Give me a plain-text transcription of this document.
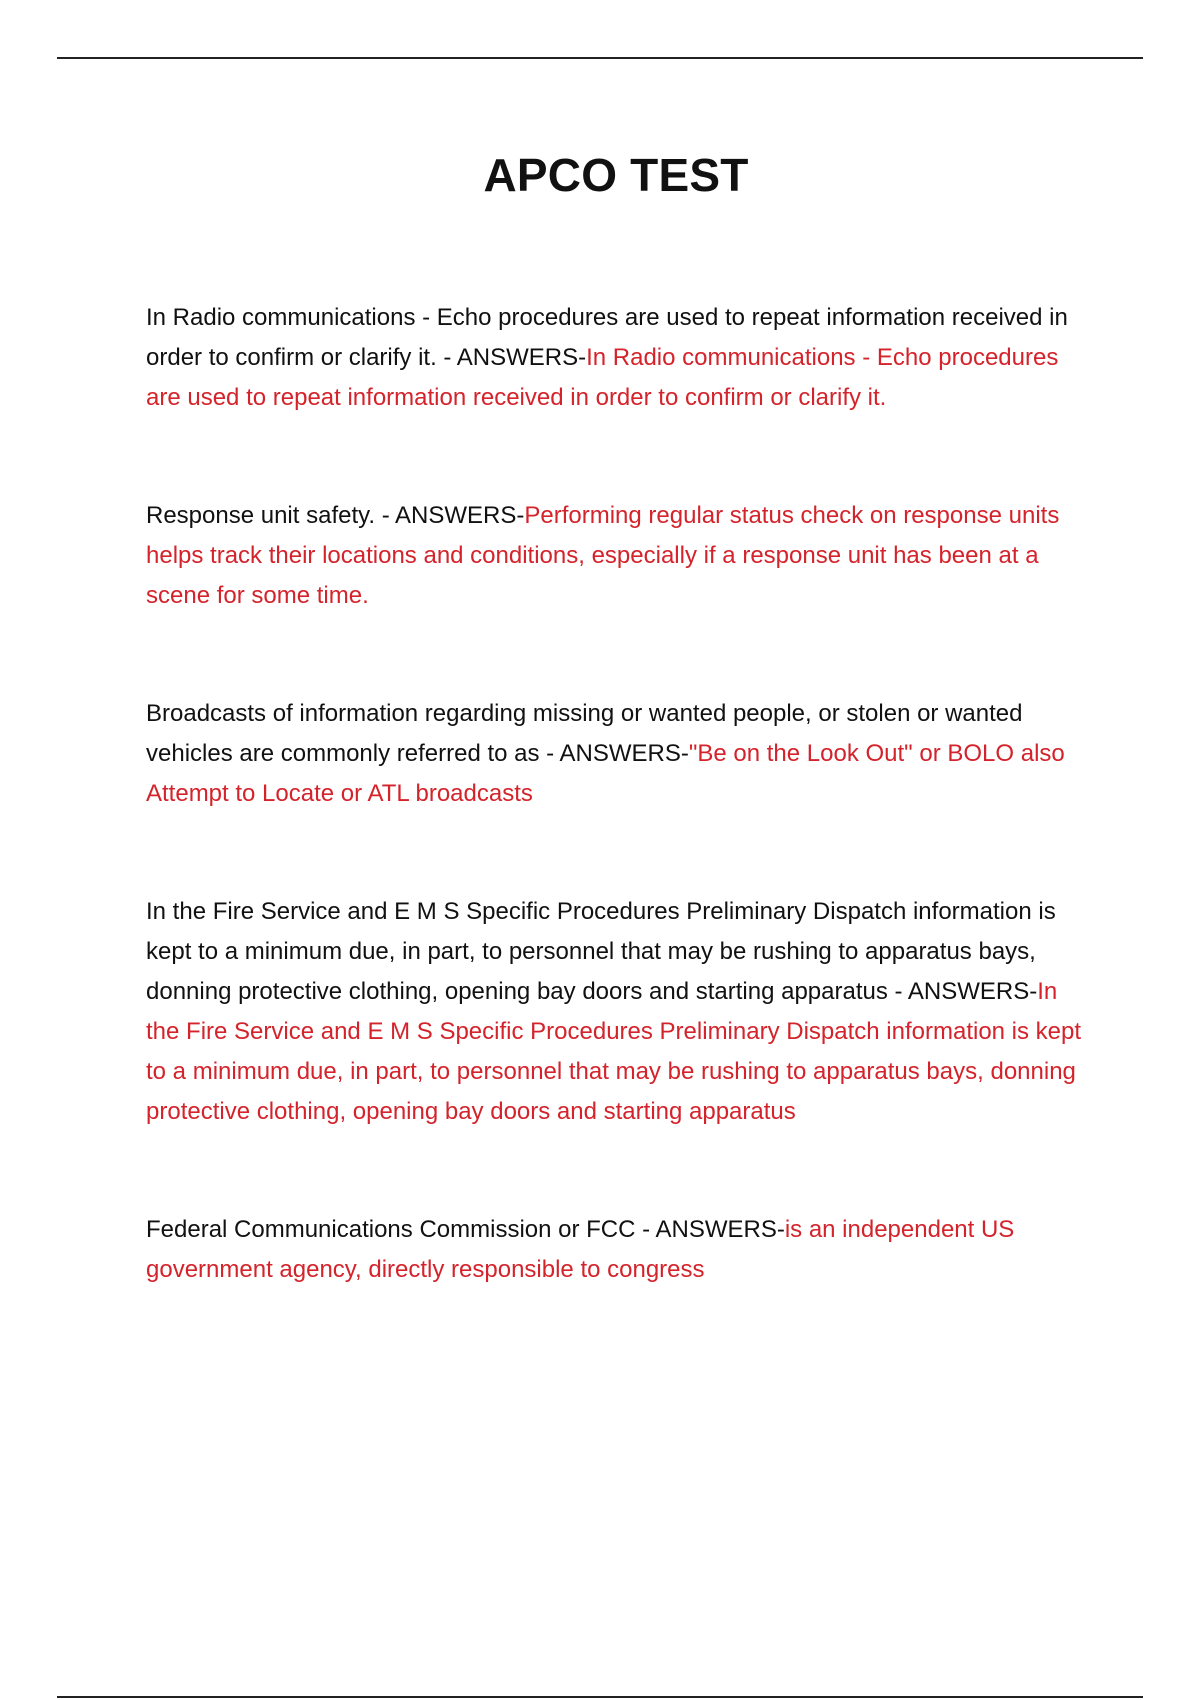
APCO TEST

In Radio communications - Echo procedures are used to repeat information received in order to confirm or clarify it. - ANSWERS-In Radio communications - Echo procedures are used to repeat information received in order to confirm or clarify it.

Response unit safety. - ANSWERS-Performing regular status check on response units helps track their locations and conditions, especially if a response unit has been at a scene for some time.

Broadcasts of information regarding missing or wanted people, or stolen or wanted vehicles are commonly referred to as - ANSWERS-"Be on the Look Out" or BOLO also Attempt to Locate or ATL broadcasts

In the Fire Service and E M S Specific Procedures Preliminary Dispatch information is kept to a minimum due, in part, to personnel that may be rushing to apparatus bays, donning protective clothing, opening bay doors and starting apparatus - ANSWERS-In the Fire Service and E M S Specific Procedures Preliminary Dispatch information is kept to a minimum due, in part, to personnel that may be rushing to apparatus bays, donning protective clothing, opening bay doors and starting apparatus

Federal Communications Commission or FCC - ANSWERS-is an independent US government agency, directly responsible to congress
